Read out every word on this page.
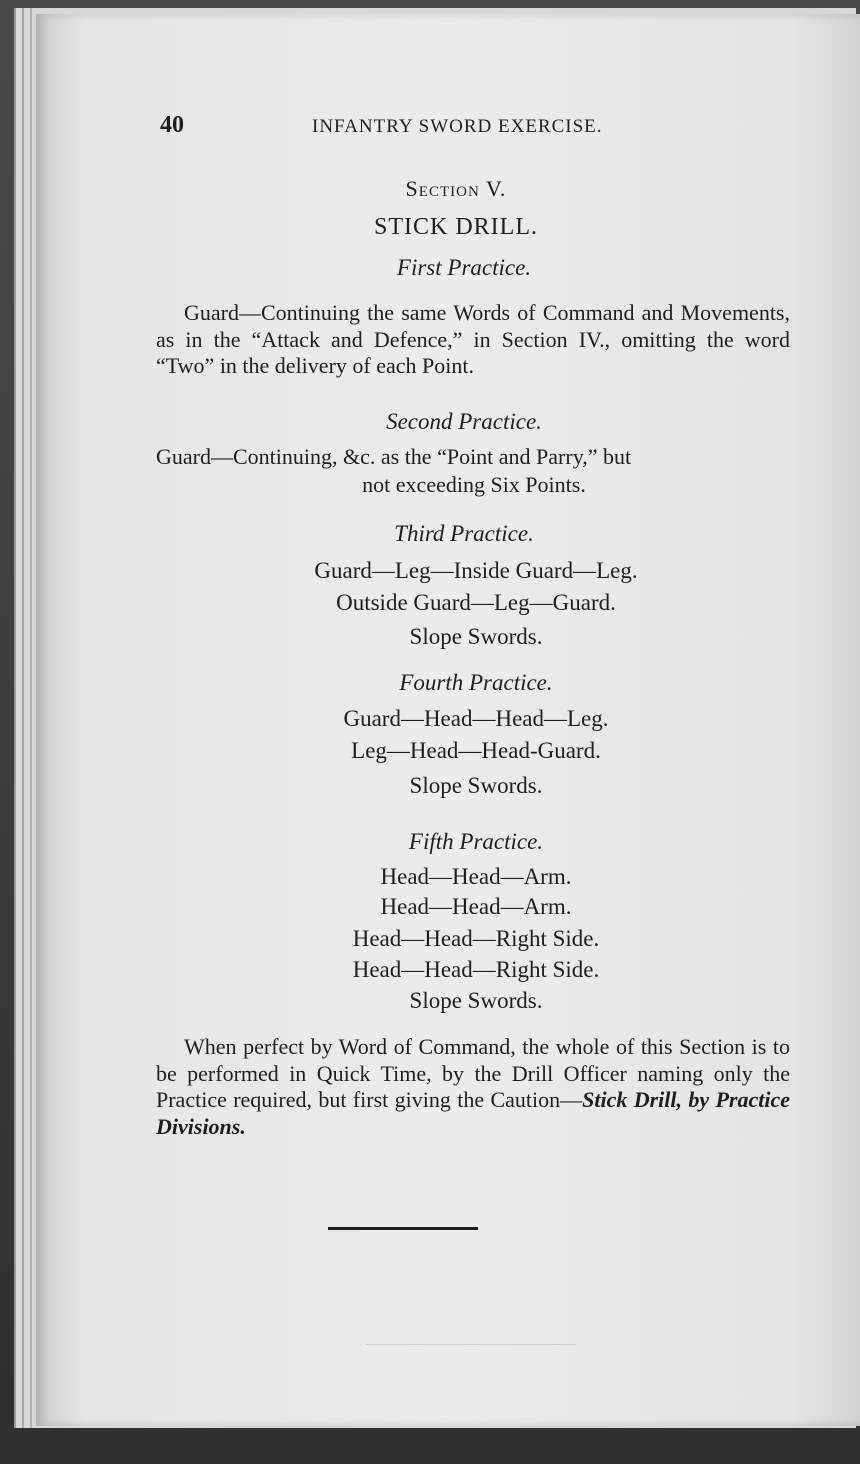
40	INFANTRY SWORD EXERCISE.
Section V.
STICK DRILL.
First Practice.
Guard—Continuing the same Words of Command and Movements, as in the “Attack and Defence,” in Section IV., omitting the word “Two” in the delivery of each Point.
Second Practice.
Guard—Continuing, &c. as the “Point and Parry,” but
not exceeding Six Points.
Third Practice.
Guard—Leg—Inside Guard—Leg.
Outside Guard—Leg—Guard.
Slope Swords.
Fourth Practice.
Guard—Head—Head—Leg.
Leg—Head—Head-Guard.
Slope Swords.
Fifth Practice.
Head—Head—Arm.
Head—Head—Arm.
Head—Head—Right Side.
Head—Head—Right Side.
Slope Swords.
When perfect by Word of Command, the whole of this Section is to be performed in Quick Time, by the Drill Officer naming only the Practice required, but first giving the Caution—Stick Drill, by Practice Divisions.
